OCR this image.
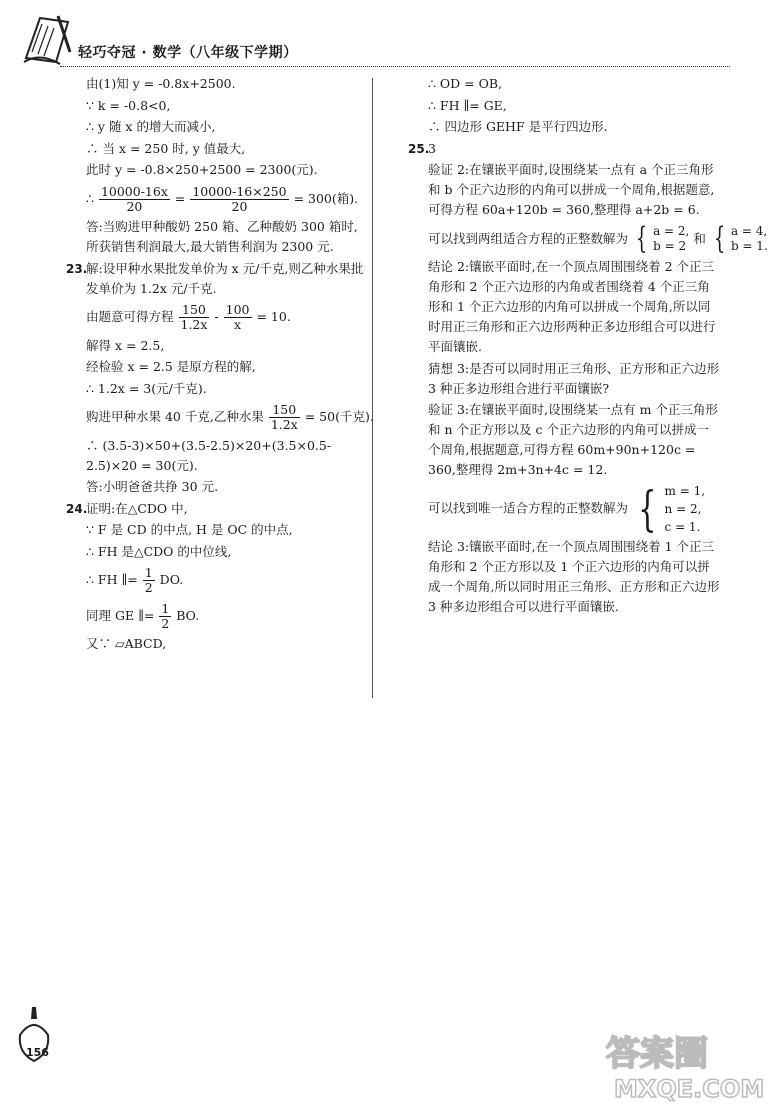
轻巧夺冠 · 数学（八年级下学期）
由(1)知 y = -0.8x+2500.
∵ k = -0.8<0,
∴ y 随 x 的增大而减小,
∴ 当 x = 250 时, y 值最大,
此时 y = -0.8×250+2500 = 2300(元).
∴ $\frac{10000-16x}{20} = \frac{10000-16\times 250}{20} = 300$(箱).
答:当购进甲种酸奶 250 箱、乙种酸奶 300 箱时,所获销售利润最大,最大销售利润为 2300 元.
23.
解:设甲种水果批发单价为 x 元/千克,则乙种水果批发单价为 1.2x 元/千克.
由题意可得方程 $\frac{150}{1.2x} - \frac{100}{x} = 10$.
解得 x = 2.5,
经检验 x = 2.5 是原方程的解,
∴ 1.2x = 3(元/千克).
购进甲种水果 40 千克,乙种水果 $\frac{150}{1.2x} = 50$(千克).
∴ (3.5-3)×50+(3.5-2.5)×20+(3.5×0.5-2.5)×20 = 30(元).
答:小明爸爸共挣 30 元.
24.
证明:在△CDO 中,
∵ F 是 CD 的中点, H 是 OC 的中点,
∴ FH 是△CDO 的中位线,
∴ FH ∥= $\frac{1}{2}$ DO.
同理 GE ∥= $\frac{1}{2}$ BO.
又∵ ▱ABCD,
∴ OD = OB,
∴ FH ∥= GE,
∴ 四边形 GEHF 是平行四边形.
25.
3
验证 2:在镶嵌平面时,设围绕某一点有 a 个正三角形和 b 个正六边形的内角可以拼成一个周角,根据题意,可得方程 60a+120b = 360,整理得 a+2b = 6.
可以找到两组适合方程的正整数解为 { a = 2,
b = 2
和 { a = 4,
b = 1.
结论 2:镶嵌平面时,在一个顶点周围围绕着 2 个正三角形和 2 个正六边形的内角或者围绕着 4 个正三角形和 1 个正六边形的内角可以拼成一个周角,所以同时用正三角形和正六边形两种正多边形组合可以进行平面镶嵌.
猜想 3:是否可以同时用正三角形、正方形和正六边形 3 种正多边形组合进行平面镶嵌?
验证 3:在镶嵌平面时,设围绕某一点有 m 个正三角形和 n 个正方形以及 c 个正六边形的内角可以拼成一个周角,根据题意,可得方程 60m+90n+120c = 360,整理得 2m+3n+4c = 12.
可以找到唯一适合方程的正整数解为 { m = 1,
n = 2,
c = 1.
结论 3:镶嵌平面时,在一个顶点周围围绕着 1 个正三角形和 2 个正方形以及 1 个正六边形的内角可以拼成一个周角,所以同时用正三角形、正方形和正六边形 3 种多边形组合可以进行平面镶嵌.
156	答案圈
MXQE.COM
